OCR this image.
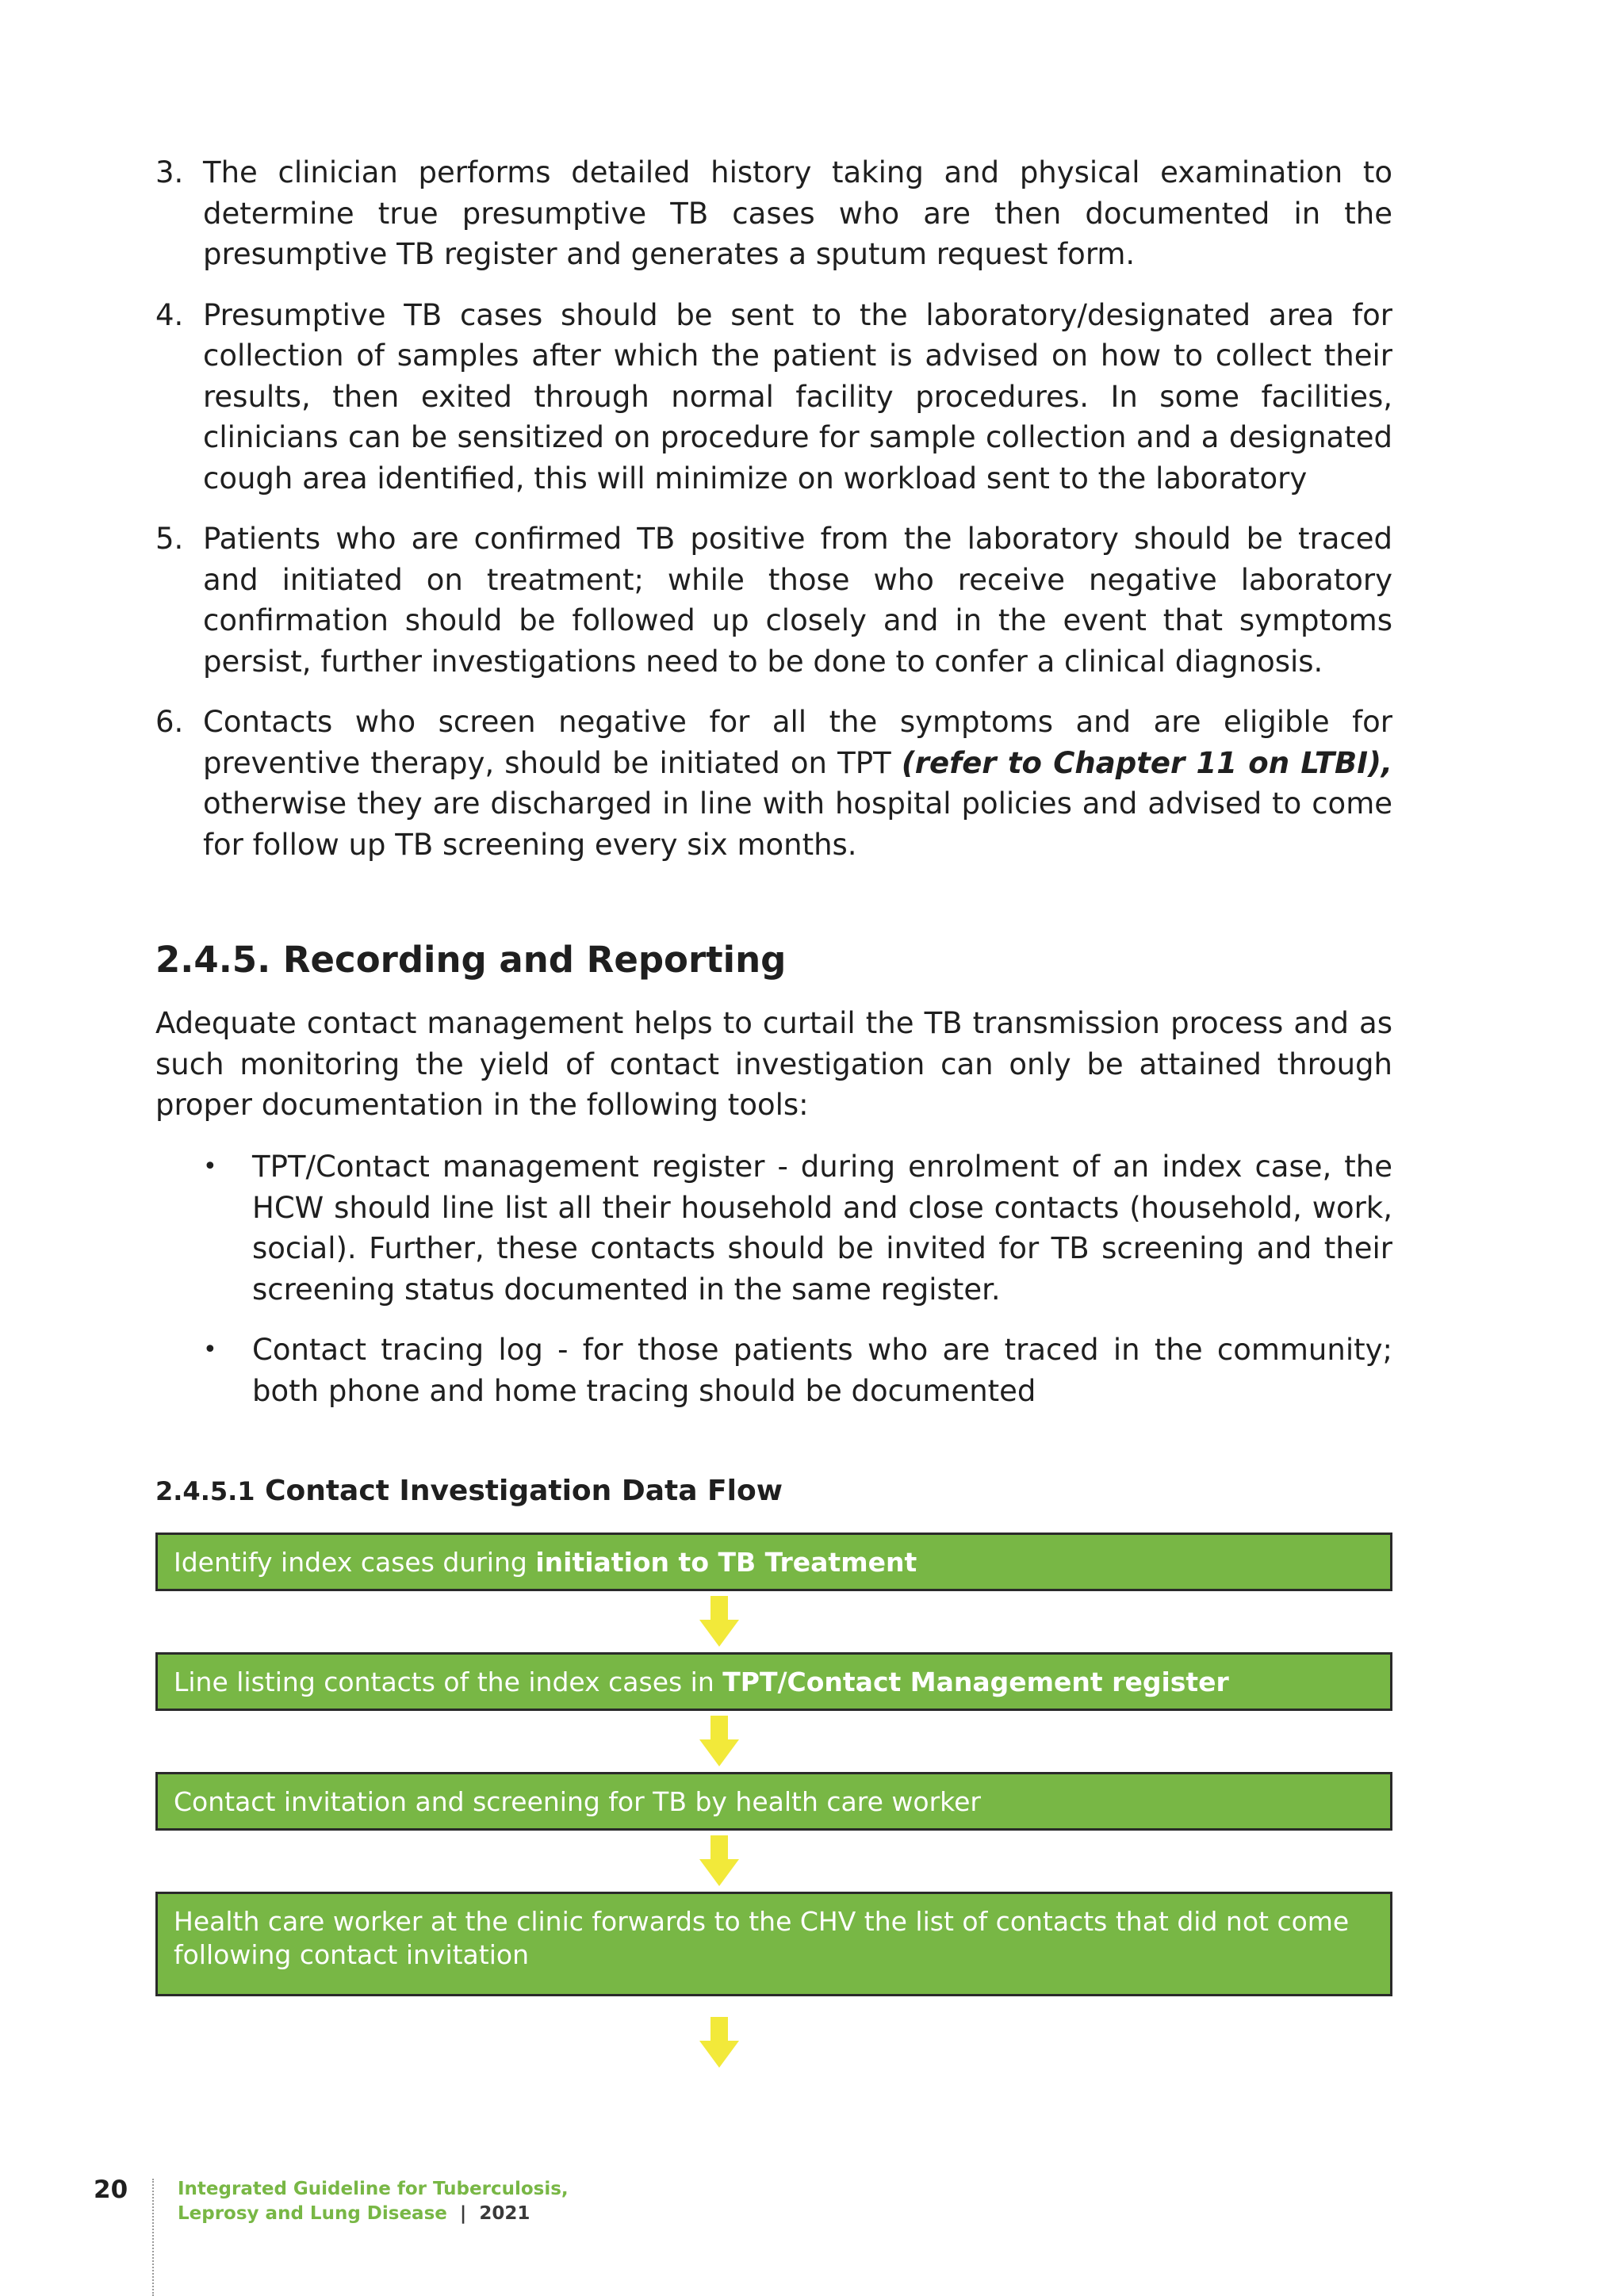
3. The clinician performs detailed history taking and physical examination to determine true presumptive TB cases who are then documented in the presumptive TB register and generates a sputum request form.
4. Presumptive TB cases should be sent to the laboratory/designated area for collection of samples after which the patient is advised on how to collect their results, then exited through normal facility procedures. In some facilities, clinicians can be sensitized on procedure for sample collection and a designated cough area identified, this will minimize on workload sent to the laboratory
5. Patients who are confirmed TB positive from the laboratory should be traced and initiated on treatment; while those who receive negative laboratory confirmation should be followed up closely and in the event that symptoms persist, further investigations need to be done to confer a clinical diagnosis.
6. Contacts who screen negative for all the symptoms and are eligible for preventive therapy, should be initiated on TPT (refer to Chapter 11 on LTBI), otherwise they are discharged in line with hospital policies and advised to come for follow up TB screening every six months.
2.4.5. Recording and Reporting
Adequate contact management helps to curtail the TB transmission process and as such monitoring the yield of contact investigation can only be attained through proper documentation in the following tools:
•	TPT/Contact management register - during enrolment of an index case, the HCW should line list all their household and close contacts (household, work, social). Further, these contacts should be invited for TB screening and their screening status documented in the same register.
•	Contact tracing log - for those patients who are traced in the community; both phone and home tracing should be documented
2.4.5.1 Contact Investigation Data Flow
Identify index cases during initiation to TB Treatment
Line listing contacts of the index cases in TPT/Contact Management register
Contact invitation and screening for TB by health care worker
Health care worker at the clinic forwards to the CHV the list of contacts that did not come following contact invitation
20	Integrated Guideline for Tuberculosis,
Leprosy and Lung Disease | 2021
